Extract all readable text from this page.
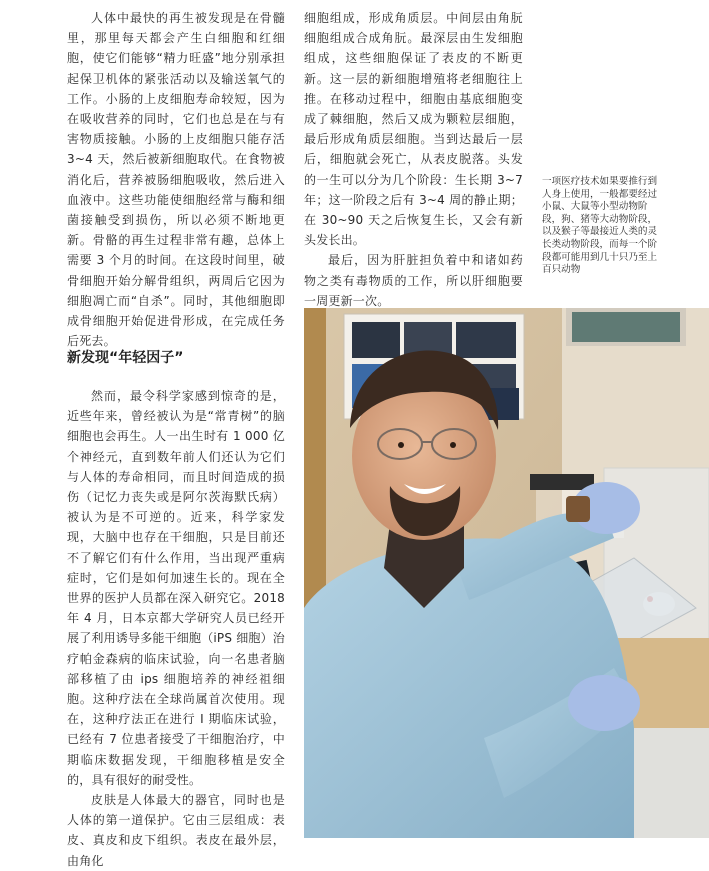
人体中最快的再生被发现是在骨髓里，那里每天都会产生白细胞和红细胞，使它们能够“精力旺盛”地分别承担起保卫机体的紧张活动以及输送氧气的工作。小肠的上皮细胞寿命较短，因为在吸收营养的同时，它们也总是在与有害物质接触。小肠的上皮细胞只能存活 3~4 天，然后被新细胞取代。在食物被消化后，营养被肠细胞吸收，然后进入血液中。这些功能使细胞经常与酶和细菌接触受到损伤，所以必须不断地更新。骨骼的再生过程非常有趣，总体上需要 3 个月的时间。在这段时间里，破骨细胞开始分解骨组织，两周后它因为细胞凋亡而“自杀”。同时，其他细胞即成骨细胞开始促进骨形成，在完成任务后死去。

新发现“年轻因子”

然而，最令科学家感到惊奇的是，近些年来，曾经被认为是“常青树”的脑细胞也会再生。人一出生时有 1 000 亿个神经元，直到数年前人们还认为它们与人体的寿命相同，而且时间造成的损伤（记忆力丧失或是阿尔茨海默氏病）被认为是不可逆的。近来，科学家发现，大脑中也存在干细胞，只是目前还不了解它们有什么作用，当出现严重病症时，它们是如何加速生长的。现在全世界的医护人员都在深入研究它。2018 年 4 月，日本京都大学研究人员已经开展了利用诱导多能干细胞（iPS 细胞）治疗帕金森病的临床试验，向一名患者脑部移植了由 ips 细胞培养的神经祖细胞。这种疗法在全球尚属首次使用。现在，这种疗法正在进行 I 期临床试验，已经有 7 位患者接受了干细胞治疗，中期临床数据发现，干细胞移植是安全的，具有很好的耐受性。

皮肤是人体最大的器官，同时也是人体的第一道保护。它由三层组成：表皮、真皮和皮下组织。表皮在最外层，由角化

细胞组成，形成角质层。中间层由角朊细胞组成合成角朊。最深层由生发细胞组成，这些细胞保证了表皮的不断更新。这一层的新细胞增殖将老细胞往上推。在移动过程中，细胞由基底细胞变成了棘细胞，然后又成为颗粒层细胞，最后形成角质层细胞。当到达最后一层后，细胞就会死亡，从表皮脱落。头发的一生可以分为几个阶段：生长期 3~7 年；这一阶段之后有 3~4 周的静止期；在 30~90 天之后恢复生长，又会有新头发长出。

最后，因为肝脏担负着中和诸如药物之类有毒物质的工作，所以肝细胞要一周更新一次。

一项医疗技术如果要推行到人身上使用，一般都要经过小鼠、大鼠等小型动物阶段，狗、猪等大动物阶段，以及猴子等最接近人类的灵长类动物阶段，而每一个阶段都可能用到几十只乃至上百只动物
